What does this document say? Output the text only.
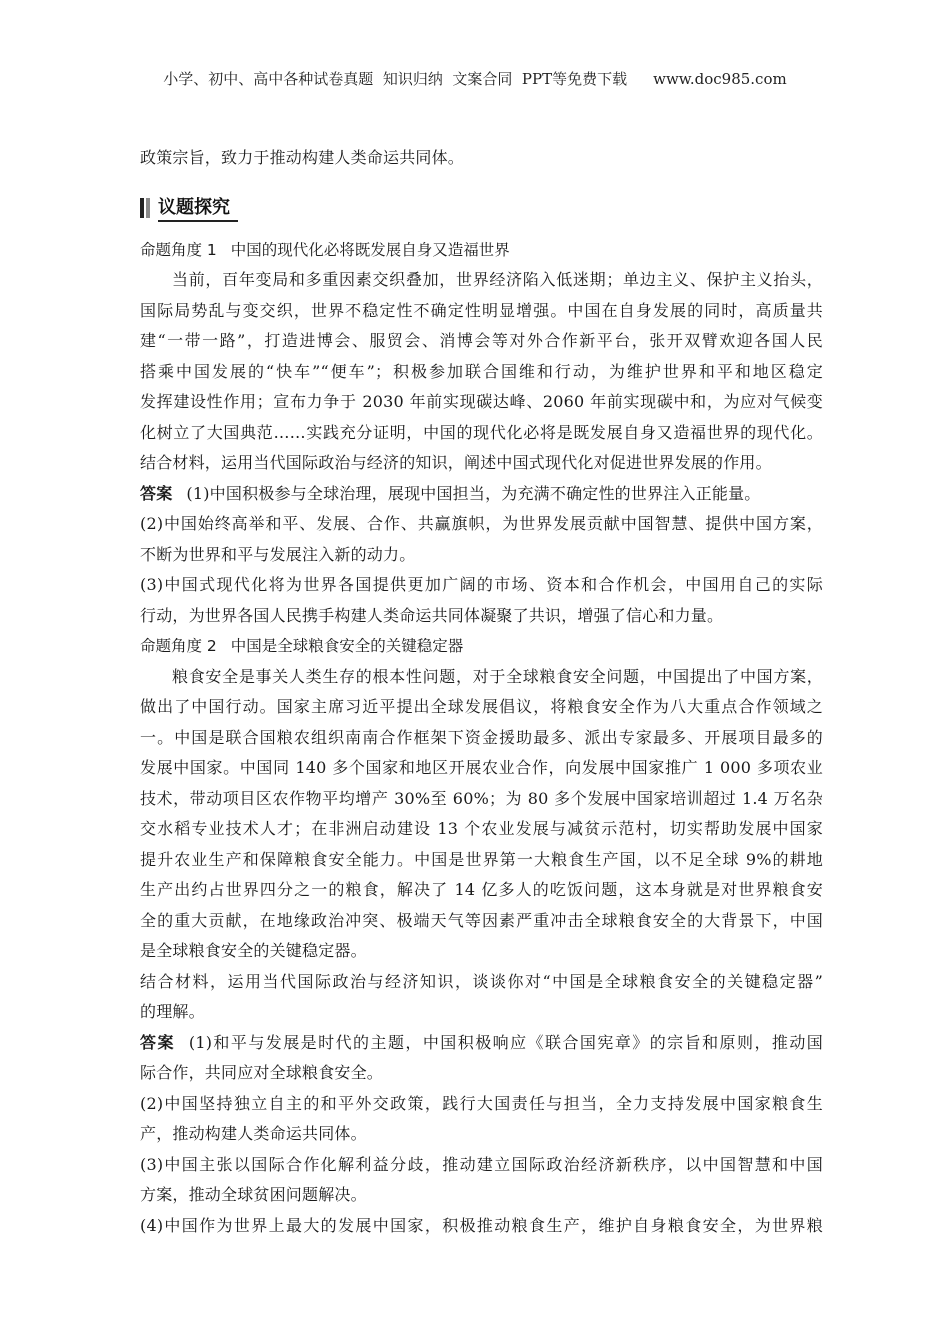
小学、初中、高中各种试卷真题  知识归纳  文案合同  PPT等免费下载 www.doc985.com
政策宗旨，致力于推动构建人类命运共同体。
议题探究
命题角度 1 中国的现代化必将既发展自身又造福世界
当前，百年变局和多重因素交织叠加，世界经济陷入低迷期；单边主义、保护主义抬头，
国际局势乱与变交织，世界不稳定性不确定性明显增强。中国在自身发展的同时，高质量共
建“一带一路”，打造进博会、服贸会、消博会等对外合作新平台，张开双臂欢迎各国人民
搭乘中国发展的“快车”“便车”；积极参加联合国维和行动，为维护世界和平和地区稳定
发挥建设性作用；宣布力争于 2030 年前实现碳达峰、2060 年前实现碳中和，为应对气候变
化树立了大国典范……实践充分证明，中国的现代化必将是既发展自身又造福世界的现代化。
结合材料，运用当代国际政治与经济的知识，阐述中国式现代化对促进世界发展的作用。
答案 (1)中国积极参与全球治理，展现中国担当，为充满不确定性的世界注入正能量。
(2)中国始终高举和平、发展、合作、共赢旗帜，为世界发展贡献中国智慧、提供中国方案，
不断为世界和平与发展注入新的动力。
(3)中国式现代化将为世界各国提供更加广阔的市场、资本和合作机会，中国用自己的实际
行动，为世界各国人民携手构建人类命运共同体凝聚了共识，增强了信心和力量。
命题角度 2 中国是全球粮食安全的关键稳定器
粮食安全是事关人类生存的根本性问题，对于全球粮食安全问题，中国提出了中国方案，
做出了中国行动。国家主席习近平提出全球发展倡议，将粮食安全作为八大重点合作领域之
一。中国是联合国粮农组织南南合作框架下资金援助最多、派出专家最多、开展项目最多的
发展中国家。中国同 140 多个国家和地区开展农业合作，向发展中国家推广 1 000 多项农业
技术，带动项目区农作物平均增产 30%至 60%；为 80 多个发展中国家培训超过 1.4 万名杂
交水稻专业技术人才；在非洲启动建设 13 个农业发展与减贫示范村，切实帮助发展中国家
提升农业生产和保障粮食安全能力。中国是世界第一大粮食生产国，以不足全球 9%的耕地
生产出约占世界四分之一的粮食，解决了 14 亿多人的吃饭问题，这本身就是对世界粮食安
全的重大贡献，在地缘政治冲突、极端天气等因素严重冲击全球粮食安全的大背景下，中国
是全球粮食安全的关键稳定器。
结合材料，运用当代国际政治与经济知识，谈谈你对“中国是全球粮食安全的关键稳定器”
的理解。
答案 (1)和平与发展是时代的主题，中国积极响应《联合国宪章》的宗旨和原则，推动国
际合作，共同应对全球粮食安全。
(2)中国坚持独立自主的和平外交政策，践行大国责任与担当，全力支持发展中国家粮食生
产，推动构建人类命运共同体。
(3)中国主张以国际合作化解利益分歧，推动建立国际政治经济新秩序，以中国智慧和中国
方案，推动全球贫困问题解决。
(4)中国作为世界上最大的发展中国家，积极推动粮食生产，维护自身粮食安全，为世界粮
